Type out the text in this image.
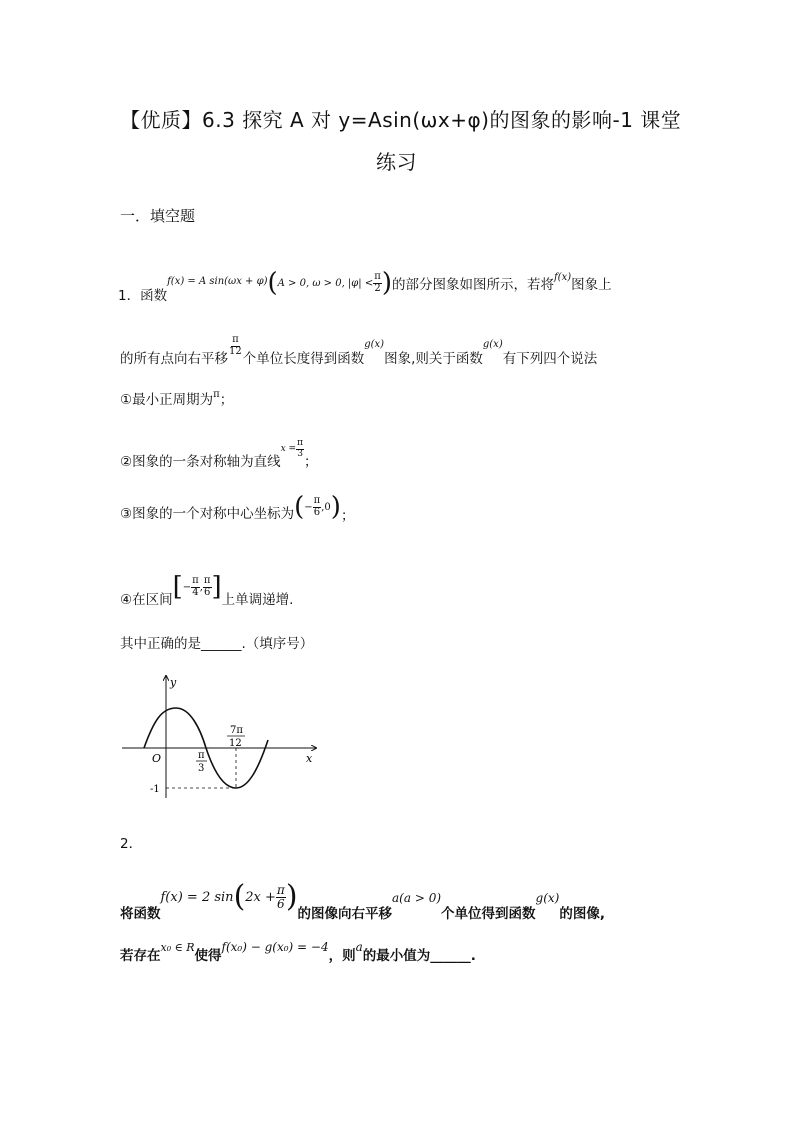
【优质】6.3 探究 A 对 y=Asin(ωx+φ)的图象的影响-1 课堂
练习
一．填空题
1． 函数
f(x) = A sin(ωx + φ) ( A > 0, ω > 0, $|\varphi| < \frac{\pi}{2}$ ) 的部分图象如图所示，若将 f(x) 图象上
的所有点向右平移
$\frac{\pi}{12}$
个单位长度得到函数
g(x)
图象,则关于函数
g(x)
有下列四个说法
①最小正周期为 π ；
②图象的一条对称轴为直线
$x = \frac{\pi}{3}$
；
③图象的一个对称中心坐标为 ( − $\frac{\pi}{6} ,0$ ) ；
④在区间 [ − $\frac{\pi}{4}$ , $\frac{\pi}{6}$ ] 上单调递增.
其中正确的是______.（填序号）
y
x
O
-1
π
3
7π
12
2．
将函数
f(x) = 2 sin ( $2x + \frac{\pi}{6}$ ) 的图像向右平移
a(a > 0)
个单位得到函数
g(x)
的图像,
若存在
x₀ ∈ R
使得
f(x₀) − g(x₀) = −4
，则
a
的最小值为______.
